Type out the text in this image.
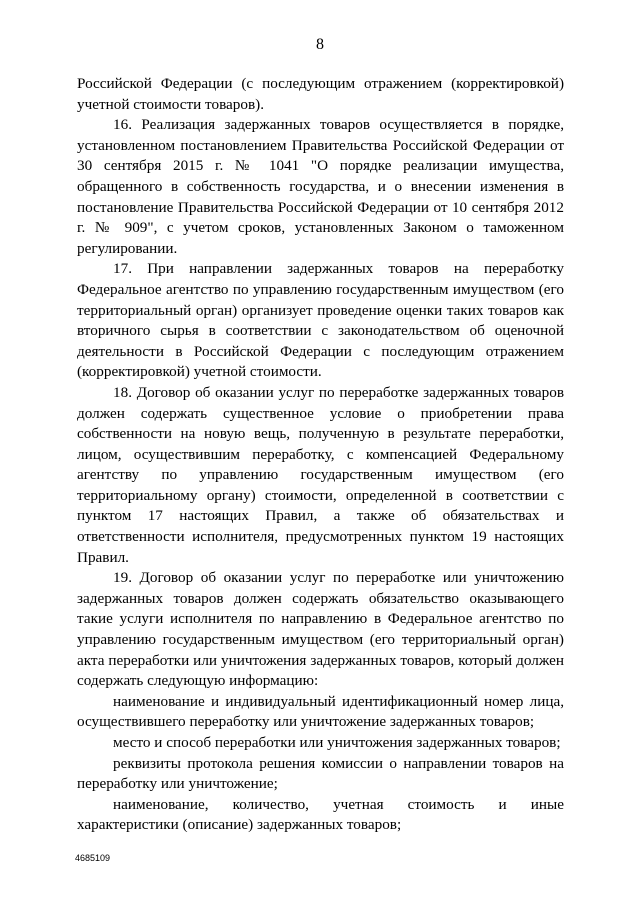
8

Российской Федерации (с последующим отражением (корректировкой) учетной стоимости товаров).

16. Реализация задержанных товаров осуществляется в порядке, установленном постановлением Правительства Российской Федерации от 30 сентября 2015 г. № 1041 "О порядке реализации имущества, обращенного в собственность государства, и о внесении изменения в постановление Правительства Российской Федерации от 10 сентября 2012 г. № 909", с учетом сроков, установленных Законом о таможенном регулировании.

17. При направлении задержанных товаров на переработку Федеральное агентство по управлению государственным имуществом (его территориальный орган) организует проведение оценки таких товаров как вторичного сырья в соответствии с законодательством об оценочной деятельности в Российской Федерации с последующим отражением (корректировкой) учетной стоимости.

18. Договор об оказании услуг по переработке задержанных товаров должен содержать существенное условие о приобретении права собственности на новую вещь, полученную в результате переработки, лицом, осуществившим переработку, с компенсацией Федеральному агентству по управлению государственным имуществом (его территориальному органу) стоимости, определенной в соответствии с пунктом 17 настоящих Правил, а также об обязательствах и ответственности исполнителя, предусмотренных пунктом 19 настоящих Правил.

19. Договор об оказании услуг по переработке или уничтожению задержанных товаров должен содержать обязательство оказывающего такие услуги исполнителя по направлению в Федеральное агентство по управлению государственным имуществом (его территориальный орган) акта переработки или уничтожения задержанных товаров, который должен содержать следующую информацию:

наименование и индивидуальный идентификационный номер лица, осуществившего переработку или уничтожение задержанных товаров;

место и способ переработки или уничтожения задержанных товаров;

реквизиты протокола решения комиссии о направлении товаров на переработку или уничтожение;

наименование, количество, учетная стоимость и иные характеристики (описание) задержанных товаров;

4685109
